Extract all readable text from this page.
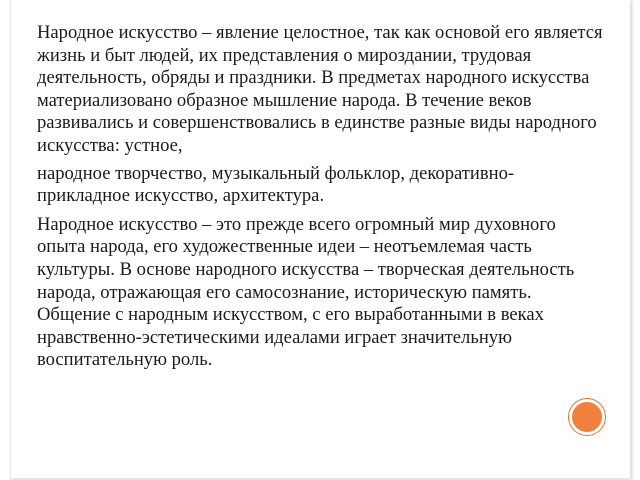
Народное искусство – явление целостное, так как основой его является жизнь и быт людей, их представления о мироздании, трудовая деятельность, обряды и праздники. В предметах народного искусства материализовано образное мышление народа. В течение веков развивались и совершенствовались в единстве разные виды народного искусства: устное,

народное творчество, музыкальный фольклор, декоративно-прикладное искусство, архитектура.

Народное искусство – это прежде всего огромный мир духовного опыта народа, его художественные идеи – неотъемлемая часть культуры. В основе народного искусства – творческая деятельность народа, отражающая его самосознание, историческую память. Общение с народным искусством, с его выработанными в веках нравственно-эстетическими идеалами играет значительную воспитательную роль.
